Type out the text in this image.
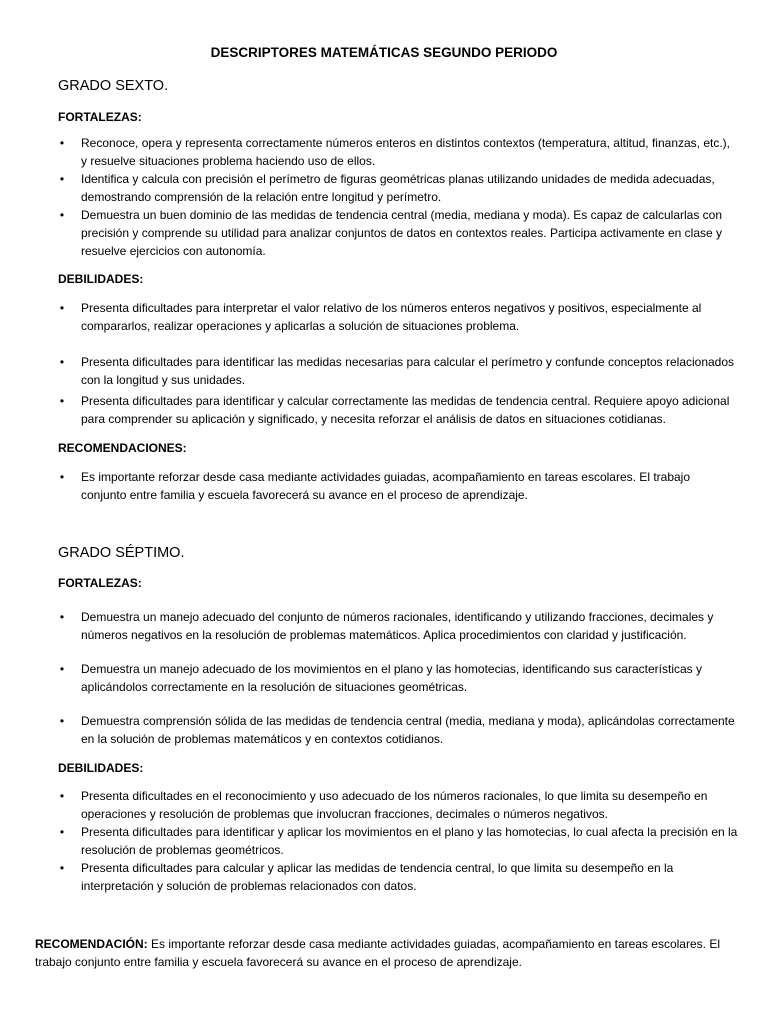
DESCRIPTORES MATEMÁTICAS SEGUNDO PERIODO
GRADO SEXTO.
FORTALEZAS:
• Reconoce, opera y representa correctamente números enteros en distintos contextos (temperatura, altitud, finanzas, etc.), y resuelve situaciones problema haciendo uso de ellos.
• Identifica y calcula con precisión el perímetro de figuras geométricas planas utilizando unidades de medida adecuadas, demostrando comprensión de la relación entre longitud y perímetro.
• Demuestra un buen dominio de las medidas de tendencia central (media, mediana y moda). Es capaz de calcularlas con precisión y comprende su utilidad para analizar conjuntos de datos en contextos reales. Participa activamente en clase y resuelve ejercicios con autonomía.
DEBILIDADES:
• Presenta dificultades para interpretar el valor relativo de los números enteros negativos y positivos, especialmente al compararlos, realizar operaciones y aplicarlas a solución de situaciones problema.
• Presenta dificultades para identificar las medidas necesarias para calcular el perímetro y confunde conceptos relacionados con la longitud y sus unidades.
• Presenta dificultades para identificar y calcular correctamente las medidas de tendencia central. Requiere apoyo adicional para comprender su aplicación y significado, y necesita reforzar el análisis de datos en situaciones cotidianas.
RECOMENDACIONES:
• Es importante reforzar desde casa mediante actividades guiadas, acompañamiento en tareas escolares. El trabajo conjunto entre familia y escuela favorecerá su avance en el proceso de aprendizaje.
GRADO SÉPTIMO.
FORTALEZAS:
• Demuestra un manejo adecuado del conjunto de números racionales, identificando y utilizando fracciones, decimales y números negativos en la resolución de problemas matemáticos. Aplica procedimientos con claridad y justificación.
• Demuestra un manejo adecuado de los movimientos en el plano y las homotecias, identificando sus características y aplicándolos correctamente en la resolución de situaciones geométricas.
• Demuestra comprensión sólida de las medidas de tendencia central (media, mediana y moda), aplicándolas correctamente en la solución de problemas matemáticos y en contextos cotidianos.
DEBILIDADES:
• Presenta dificultades en el reconocimiento y uso adecuado de los números racionales, lo que limita su desempeño en operaciones y resolución de problemas que involucran fracciones, decimales o números negativos.
• Presenta dificultades para identificar y aplicar los movimientos en el plano y las homotecias, lo cual afecta la precisión en la resolución de problemas geométricos.
• Presenta dificultades para calcular y aplicar las medidas de tendencia central, lo que limita su desempeño en la interpretación y solución de problemas relacionados con datos.
RECOMENDACIÓN: Es importante reforzar desde casa mediante actividades guiadas, acompañamiento en tareas escolares. El trabajo conjunto entre familia y escuela favorecerá su avance en el proceso de aprendizaje.
